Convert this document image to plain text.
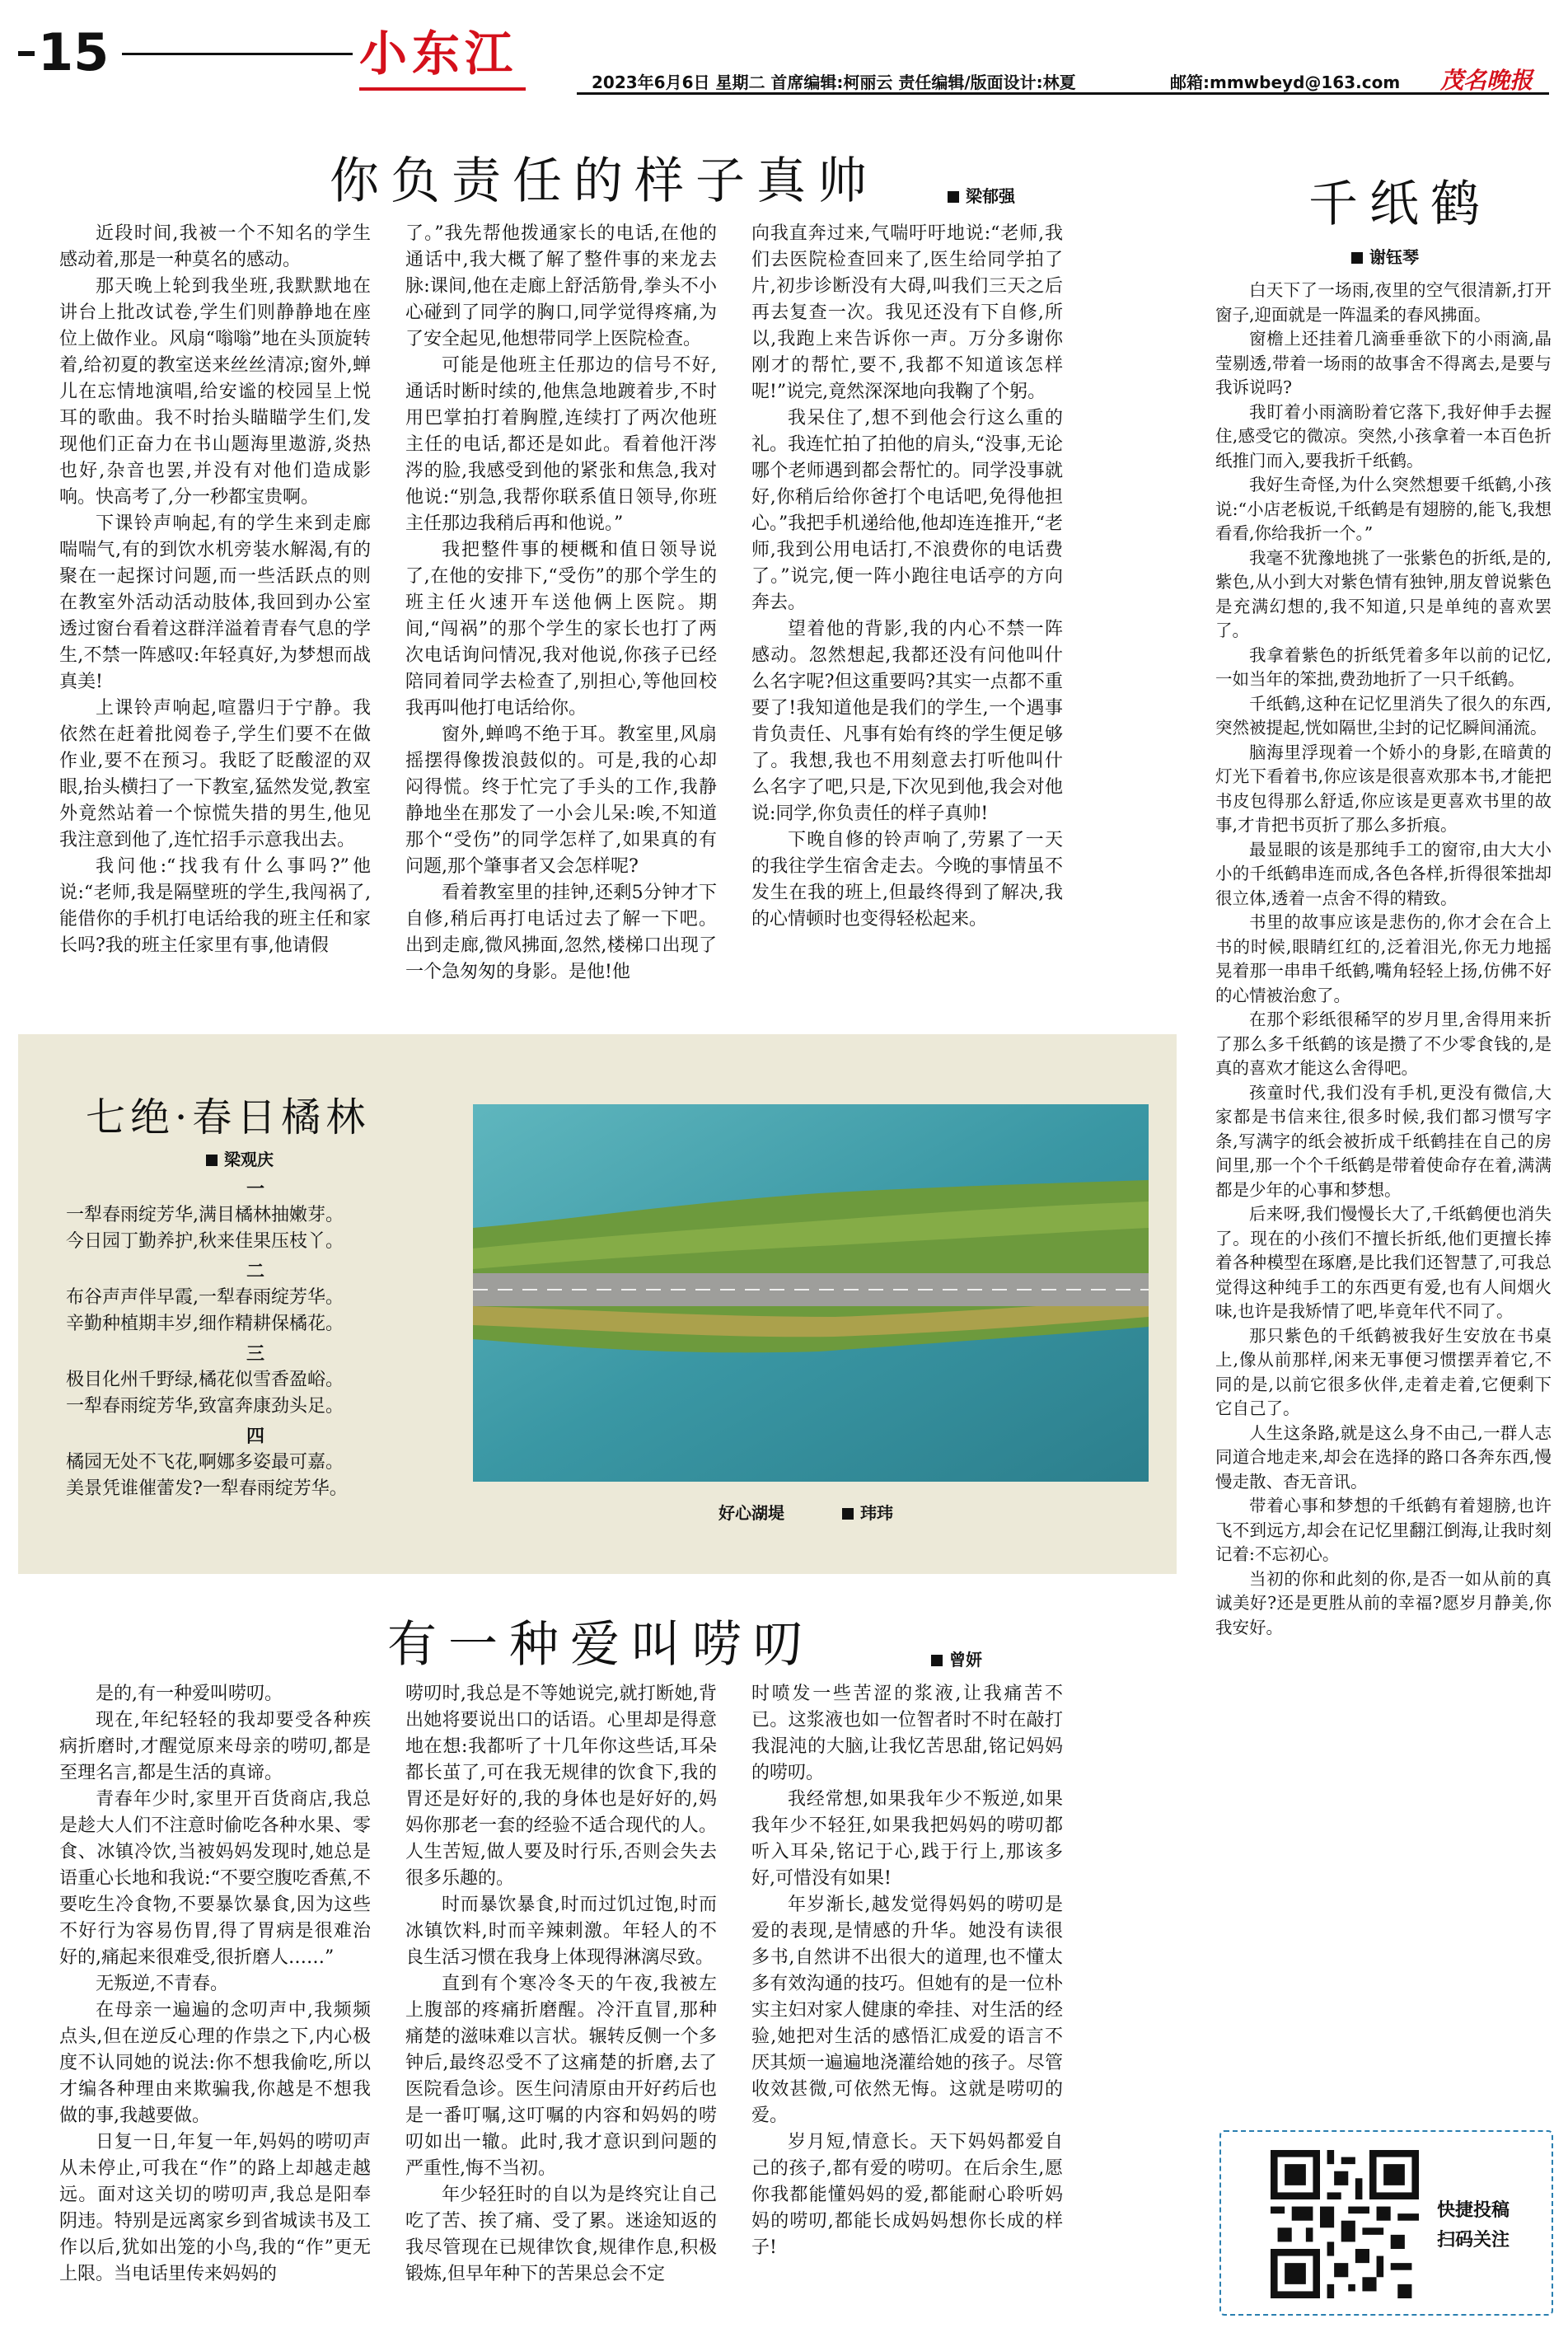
15	小东江
2023年6月6日 星期二 首席编辑:柯丽云 责任编辑/版面设计:林夏	邮箱:mmwbeyd@163.com 茂名晚报
你负责任的样子真帅	梁郁强

近段时间,我被一个不知名的学生感动着,那是一种莫名的感动。

那天晚上轮到我坐班,我默默地在讲台上批改试卷,学生们则静静地在座位上做作业。风扇“嗡嗡”地在头顶旋转着,给初夏的教室送来丝丝清凉;窗外,蝉儿在忘情地演唱,给安谧的校园呈上悦耳的歌曲。我不时抬头瞄瞄学生们,发现他们正奋力在书山题海里遨游,炎热也好,杂音也罢,并没有对他们造成影响。快高考了,分一秒都宝贵啊。

下课铃声响起,有的学生来到走廊喘喘气,有的到饮水机旁装水解渴,有的聚在一起探讨问题,而一些活跃点的则在教室外活动活动肢体,我回到办公室透过窗台看着这群洋溢着青春气息的学生,不禁一阵感叹:年轻真好,为梦想而战真美!

上课铃声响起,喧嚣归于宁静。我依然在赶着批阅卷子,学生们要不在做作业,要不在预习。我眨了眨酸涩的双眼,抬头横扫了一下教室,猛然发觉,教室外竟然站着一个惊慌失措的男生,他见我注意到他了,连忙招手示意我出去。

我问他:“找我有什么事吗?”他说:“老师,我是隔壁班的学生,我闯祸了,能借你的手机打电话给我的班主任和家长吗?我的班主任家里有事,他请假

了。”我先帮他拨通家长的电话,在他的通话中,我大概了解了整件事的来龙去脉:课间,他在走廊上舒活筋骨,拳头不小心碰到了同学的胸口,同学觉得疼痛,为了安全起见,他想带同学上医院检查。

可能是他班主任那边的信号不好,通话时断时续的,他焦急地踱着步,不时用巴掌拍打着胸膛,连续打了两次他班主任的电话,都还是如此。看着他汗涔涔的脸,我感受到他的紧张和焦急,我对他说:“别急,我帮你联系值日领导,你班主任那边我稍后再和他说。”

我把整件事的梗概和值日领导说了,在他的安排下,“受伤”的那个学生的班主任火速开车送他俩上医院。期间,“闯祸”的那个学生的家长也打了两次电话询问情况,我对他说,你孩子已经陪同着同学去检查了,别担心,等他回校我再叫他打电话给你。

窗外,蝉鸣不绝于耳。教室里,风扇摇摆得像拨浪鼓似的。可是,我的心却闷得慌。终于忙完了手头的工作,我静静地坐在那发了一小会儿呆:唉,不知道那个“受伤”的同学怎样了,如果真的有问题,那个肇事者又会怎样呢?

看着教室里的挂钟,还剩5分钟才下自修,稍后再打电话过去了解一下吧。出到走廊,微风拂面,忽然,楼梯口出现了一个急匆匆的身影。是他!他

向我直奔过来,气喘吁吁地说:“老师,我们去医院检查回来了,医生给同学拍了片,初步诊断没有大碍,叫我们三天之后再去复查一次。我见还没有下自修,所以,我跑上来告诉你一声。万分多谢你刚才的帮忙,要不,我都不知道该怎样呢!”说完,竟然深深地向我鞠了个躬。

我呆住了,想不到他会行这么重的礼。我连忙拍了拍他的肩头,“没事,无论哪个老师遇到都会帮忙的。同学没事就好,你稍后给你爸打个电话吧,免得他担心。”我把手机递给他,他却连连推开,“老师,我到公用电话打,不浪费你的电话费了。”说完,便一阵小跑往电话亭的方向奔去。

望着他的背影,我的内心不禁一阵感动。忽然想起,我都还没有问他叫什么名字呢?但这重要吗?其实一点都不重要了!我知道他是我们的学生,一个遇事肯负责任、凡事有始有终的学生便足够了。我想,我也不用刻意去打听他叫什么名字了吧,只是,下次见到他,我会对他说:同学,你负责任的样子真帅!

下晚自修的铃声响了,劳累了一天的我往学生宿舍走去。今晚的事情虽不发生在我的班上,但最终得到了解决,我的心情顿时也变得轻松起来。

七绝·春日橘林
梁观庆
一
一犁春雨绽芳华,满目橘林抽嫩芽。
今日园丁勤养护,秋来佳果压枝丫。
二
布谷声声伴早霞,一犁春雨绽芳华。
辛勤种植期丰岁,细作精耕保橘花。
三
极目化州千野绿,橘花似雪香盈峪。
一犁春雨绽芳华,致富奔康劲头足。
四
橘园无处不飞花,啊娜多姿最可嘉。
美景凭谁催蕾发?一犁春雨绽芳华。
好心湖堤	玮玮
有一种爱叫唠叨	曾妍

是的,有一种爱叫唠叨。

现在,年纪轻轻的我却要受各种疾病折磨时,才醒觉原来母亲的唠叨,都是至理名言,都是生活的真谛。

青春年少时,家里开百货商店,我总是趁大人们不注意时偷吃各种水果、零食、冰镇冷饮,当被妈妈发现时,她总是语重心长地和我说:“不要空腹吃香蕉,不要吃生冷食物,不要暴饮暴食,因为这些不好行为容易伤胃,得了胃病是很难治好的,痛起来很难受,很折磨人……”

无叛逆,不青春。

在母亲一遍遍的念叨声中,我频频点头,但在逆反心理的作祟之下,内心极度不认同她的说法:你不想我偷吃,所以才编各种理由来欺骗我,你越是不想我做的事,我越要做。

日复一日,年复一年,妈妈的唠叨声从未停止,可我在“作”的路上却越走越远。面对这关切的唠叨声,我总是阳奉阴违。特别是远离家乡到省城读书及工作以后,犹如出笼的小鸟,我的“作”更无上限。当电话里传来妈妈的

唠叨时,我总是不等她说完,就打断她,背出她将要说出口的话语。心里却是得意地在想:我都听了十几年你这些话,耳朵都长茧了,可在我无规律的饮食下,我的胃还是好好的,我的身体也是好好的,妈妈你那老一套的经验不适合现代的人。人生苦短,做人要及时行乐,否则会失去很多乐趣的。

时而暴饮暴食,时而过饥过饱,时而冰镇饮料,时而辛辣刺激。年轻人的不良生活习惯在我身上体现得淋漓尽致。

直到有个寒冷冬天的午夜,我被左上腹部的疼痛折磨醒。冷汗直冒,那种痛楚的滋味难以言状。辗转反侧一个多钟后,最终忍受不了这痛楚的折磨,去了医院看急诊。医生问清原由开好药后也是一番叮嘱,这叮嘱的内容和妈妈的唠叨如出一辙。此时,我才意识到问题的严重性,悔不当初。

年少轻狂时的自以为是终究让自己吃了苦、挨了痛、受了累。迷途知返的我尽管现在已规律饮食,规律作息,积极锻炼,但早年种下的苦果总会不定

时喷发一些苦涩的浆液,让我痛苦不已。这浆液也如一位智者时不时在敲打我混沌的大脑,让我忆苦思甜,铭记妈妈的唠叨。

我经常想,如果我年少不叛逆,如果我年少不轻狂,如果我把妈妈的唠叨都听入耳朵,铭记于心,践于行上,那该多好,可惜没有如果!

年岁渐长,越发觉得妈妈的唠叨是爱的表现,是情感的升华。她没有读很多书,自然讲不出很大的道理,也不懂太多有效沟通的技巧。但她有的是一位朴实主妇对家人健康的牵挂、对生活的经验,她把对生活的感悟汇成爱的语言不厌其烦一遍遍地浇灌给她的孩子。尽管收效甚微,可依然无悔。这就是唠叨的爱。

岁月短,情意长。天下妈妈都爱自己的孩子,都有爱的唠叨。在后余生,愿你我都能懂妈妈的爱,都能耐心聆听妈妈的唠叨,都能长成妈妈想你长成的样子!

千纸鹤
谢钰琴

白天下了一场雨,夜里的空气很清新,打开窗子,迎面就是一阵温柔的春风拂面。

窗檐上还挂着几滴垂垂欲下的小雨滴,晶莹剔透,带着一场雨的故事舍不得离去,是要与我诉说吗?

我盯着小雨滴盼着它落下,我好伸手去握住,感受它的微凉。突然,小孩拿着一本百色折纸推门而入,要我折千纸鹤。

我好生奇怪,为什么突然想要千纸鹤,小孩说:“小店老板说,千纸鹤是有翅膀的,能飞,我想看看,你给我折一个。”

我毫不犹豫地挑了一张紫色的折纸,是的,紫色,从小到大对紫色情有独钟,朋友曾说紫色是充满幻想的,我不知道,只是单纯的喜欢罢了。

我拿着紫色的折纸凭着多年以前的记忆,一如当年的笨拙,费劲地折了一只千纸鹤。

千纸鹤,这种在记忆里消失了很久的东西,突然被提起,恍如隔世,尘封的记忆瞬间涌流。

脑海里浮现着一个娇小的身影,在暗黄的灯光下看着书,你应该是很喜欢那本书,才能把书皮包得那么舒适,你应该是更喜欢书里的故事,才肯把书页折了那么多折痕。

最显眼的该是那纯手工的窗帘,由大大小小的千纸鹤串连而成,各色各样,折得很笨拙却很立体,透着一点舍不得的精致。

书里的故事应该是悲伤的,你才会在合上书的时候,眼睛红红的,泛着泪光,你无力地摇晃着那一串串千纸鹤,嘴角轻轻上扬,仿佛不好的心情被治愈了。

在那个彩纸很稀罕的岁月里,舍得用来折了那么多千纸鹤的该是攒了不少零食钱的,是真的喜欢才能这么舍得吧。

孩童时代,我们没有手机,更没有微信,大家都是书信来往,很多时候,我们都习惯写字条,写满字的纸会被折成千纸鹤挂在自己的房间里,那一个个千纸鹤是带着使命存在着,满满都是少年的心事和梦想。

后来呀,我们慢慢长大了,千纸鹤便也消失了。现在的小孩们不擅长折纸,他们更擅长捧着各种模型在琢磨,是比我们还智慧了,可我总觉得这种纯手工的东西更有爱,也有人间烟火味,也许是我矫情了吧,毕竟年代不同了。

那只紫色的千纸鹤被我好生安放在书桌上,像从前那样,闲来无事便习惯摆弄着它,不同的是,以前它很多伙伴,走着走着,它便剩下它自己了。

人生这条路,就是这么身不由己,一群人志同道合地走来,却会在选择的路口各奔东西,慢慢走散、杳无音讯。

带着心事和梦想的千纸鹤有着翅膀,也许飞不到远方,却会在记忆里翻江倒海,让我时刻记着:不忘初心。

当初的你和此刻的你,是否一如从前的真诚美好?还是更胜从前的幸福?愿岁月静美,你我安好。

快捷投稿
扫码关注
